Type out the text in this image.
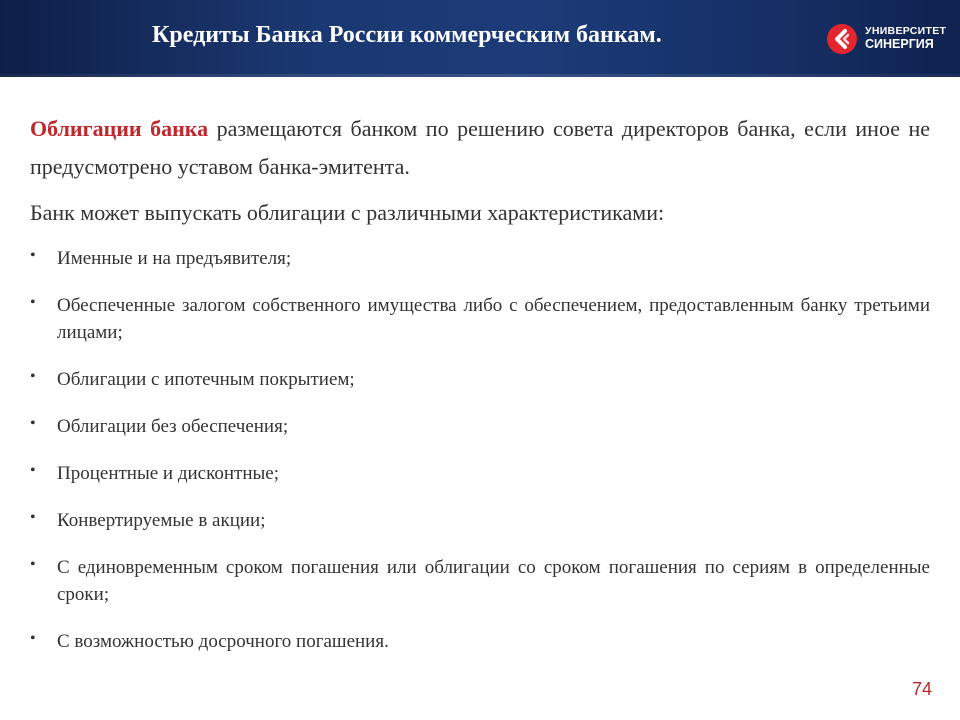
Кредиты Банка России коммерческим банкам.	УНИВЕРСИТЕТ
СИНЕРГИЯ

Облигации банка размещаются банком по решению совета директоров банка, если иное не предусмотрено уставом банка-эмитента.

Банк может выпускать облигации с различными характеристиками:

• Именные и на предъявителя;
• Обеспеченные залогом собственного имущества либо с обеспечением, предоставленным банку третьими лицами;
• Облигации с ипотечным покрытием;
• Облигации без обеспечения;
• Процентные и дисконтные;
• Конвертируемые в акции;
• С единовременным сроком погашения или облигации со сроком погашения по сериям в определенные сроки;
• С возможностью досрочного погашения.
74
